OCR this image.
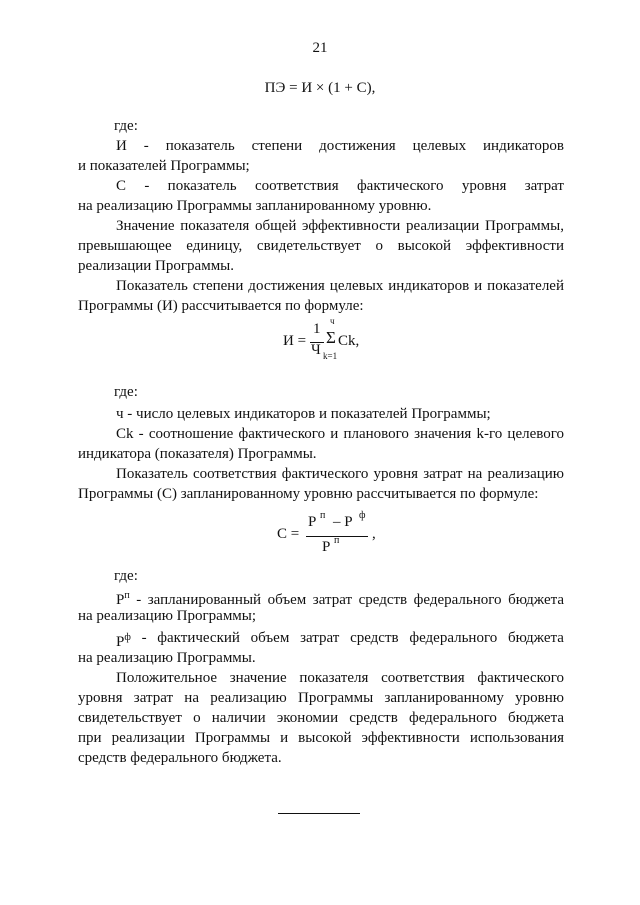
21
ПЭ = И × (1 + С),
где:
И - показатель степени достижения целевых индикаторов
и показателей Программы;
С - показатель соответствия фактического уровня затрат
на реализацию Программы запланированному уровню.
Значение показателя общей эффективности реализации Программы,
превышающее единицу, свидетельствует о высокой эффективности
реализации Программы.
Показатель степени достижения целевых индикаторов и показателей
Программы (И) рассчитывается по формуле:
И =
1
Ч
ч
Σ
k=1
Ck,
где:
ч - число целевых индикаторов и показателей Программы;
Ck - соотношение фактического и планового значения k-го целевого
индикатора (показателя) Программы.
Показатель соответствия фактического уровня затрат на реализацию
Программы (С) запланированному уровню рассчитывается по формуле:
С =
Р п – Р ф
Р п ,
где:
$Р^п$ - запланированный объем затрат средств федерального бюджета
на реализацию Программы;
$Р^ф$ - фактический объем затрат средств федерального бюджета
на реализацию Программы.
Положительное значение показателя соответствия фактического
уровня затрат на реализацию Программы запланированному уровню
свидетельствует о наличии экономии средств федерального бюджета
при реализации Программы и высокой эффективности использования
средств федерального бюджета.
